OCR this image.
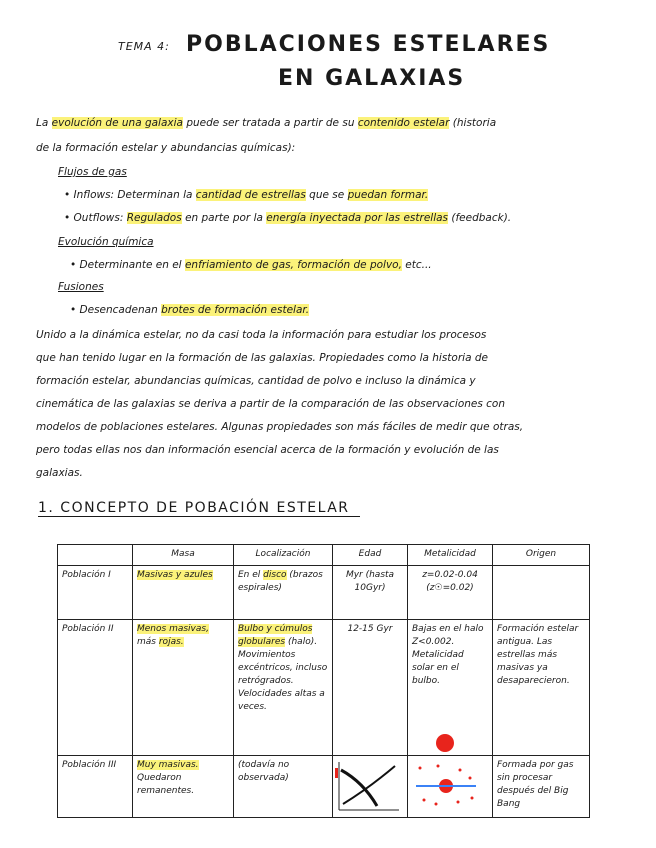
TEMA 4: POBLACIONES ESTELARES
EN GALAXIAS
La evolución de una galaxia puede ser tratada a partir de su contenido estelar (historia
de la formación estelar y abundancias químicas):
Flujos de gas
• Inflows: Determinan la cantidad de estrellas que se puedan formar.
• Outflows: Regulados en parte por la energía inyectada por las estrellas (feedback).
Evolución química
• Determinante en el enfriamiento de gas, formación de polvo, etc...
Fusiones
• Desencadenan brotes de formación estelar.
Unido a la dinámica estelar, no da casi toda la información para estudiar los procesos
que han tenido lugar en la formación de las galaxias. Propiedades como la historia de
formación estelar, abundancias químicas, cantidad de polvo e incluso la dinámica y
cinemática de las galaxias se deriva a partir de la comparación de las observaciones con
modelos de poblaciones estelares. Algunas propiedades son más fáciles de medir que otras,
pero todas ellas nos dan información esencial acerca de la formación y evolución de las
galaxias.
1. CONCEPTO DE POBACIÓN ESTELAR
	Masa	Localización	Edad	Metalicidad	Origen
Población I	Masivas y azules	En el disco (brazos espirales)	Myr (hasta 10Gyr)	z=0.02-0.04 (z☉=0.02)	
Población II	Menos masivas, más rojas.	Bulbo y cúmulos globulares (halo). Movimientos excéntricos, incluso retrógrados. Velocidades altas a veces.	12-15 Gyr	Bajas en el halo Z<0.002. Metalicidad solar en el bulbo.	Formación estelar antigua. Las estrellas más masivas ya desaparecieron.
Población III	Muy masivas. Quedaron remanentes.	(todavía no observada)			Formada por gas sin procesar después del Big Bang
